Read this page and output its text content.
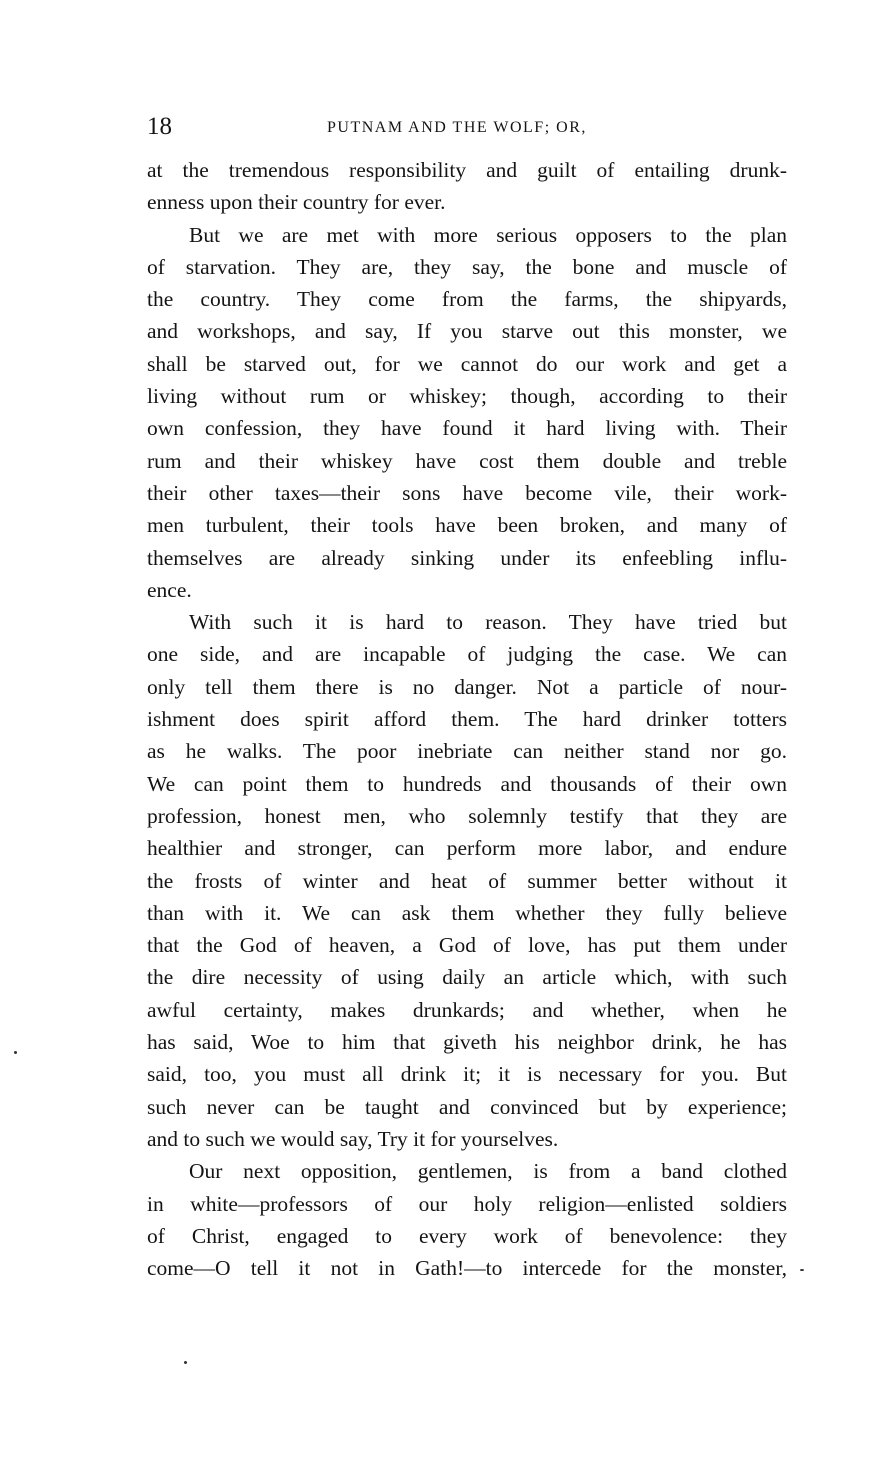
18	PUTNAM AND THE WOLF; OR,
at the tremendous responsibility and guilt of entailing drunk-
enness upon their country for ever.
But we are met with more serious opposers to the plan
of starvation. They are, they say, the bone and muscle of
the country. They come from the farms, the shipyards,
and workshops, and say, If you starve out this monster, we
shall be starved out, for we cannot do our work and get a
living without rum or whiskey; though, according to their
own confession, they have found it hard living with. Their
rum and their whiskey have cost them double and treble
their other taxes—their sons have become vile, their work-
men turbulent, their tools have been broken, and many of
themselves are already sinking under its enfeebling influ-
ence.
With such it is hard to reason. They have tried but
one side, and are incapable of judging the case. We can
only tell them there is no danger. Not a particle of nour-
ishment does spirit afford them. The hard drinker totters
as he walks. The poor inebriate can neither stand nor go.
We can point them to hundreds and thousands of their own
profession, honest men, who solemnly testify that they are
healthier and stronger, can perform more labor, and endure
the frosts of winter and heat of summer better without it
than with it. We can ask them whether they fully believe
that the God of heaven, a God of love, has put them under
the dire necessity of using daily an article which, with such
awful certainty, makes drunkards; and whether, when he
has said, Woe to him that giveth his neighbor drink, he has
said, too, you must all drink it; it is necessary for you. But
such never can be taught and convinced but by experience;
and to such we would say, Try it for yourselves.
Our next opposition, gentlemen, is from a band clothed
in white—professors of our holy religion—enlisted soldiers
of Christ, engaged to every work of benevolence: they
come—O tell it not in Gath!—to intercede for the monster,
